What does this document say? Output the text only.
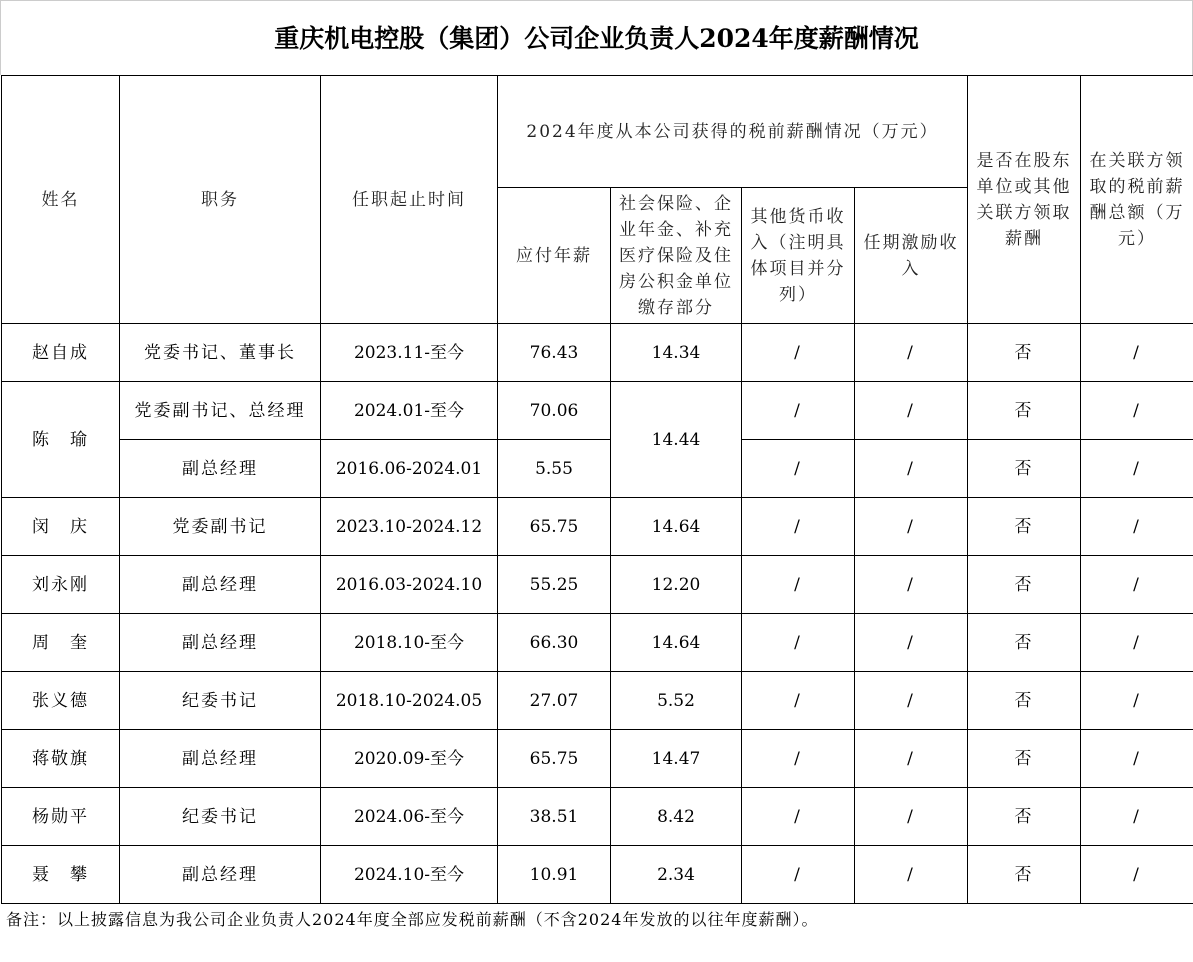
重庆机电控股（集团）公司企业负责人2024年度薪酬情况
姓名	职务	任职起止时间	2024年度从本公司获得的税前薪酬情况（万元）				是否在股东单位或其他关联方领取薪酬	在关联方领取的税前薪酬总额（万元）
			应付年薪	社会保险、企业年金、补充医疗保险及住房公积金单位缴存部分	其他货币收入（注明具体项目并分列）	任期激励收入		
赵自成	党委书记、董事长	2023.11-至今	76.43	14.34	/	/	否	/
陈　瑜	党委副书记、总经理	2024.01-至今	70.06	14.44	/	/	否	/
	副总经理	2016.06-2024.01	5.55		/	/	否	/
闵　庆	党委副书记	2023.10-2024.12	65.75	14.64	/	/	否	/
刘永刚	副总经理	2016.03-2024.10	55.25	12.20	/	/	否	/
周　奎	副总经理	2018.10-至今	66.30	14.64	/	/	否	/
张义德	纪委书记	2018.10-2024.05	27.07	5.52	/	/	否	/
蒋敬旗	副总经理	2020.09-至今	65.75	14.47	/	/	否	/
杨勋平	纪委书记	2024.06-至今	38.51	8.42	/	/	否	/
聂　攀	副总经理	2024.10-至今	10.91	2.34	/	/	否	/
备注：以上披露信息为我公司企业负责人2024年度全部应发税前薪酬（不含2024年发放的以往年度薪酬）。
